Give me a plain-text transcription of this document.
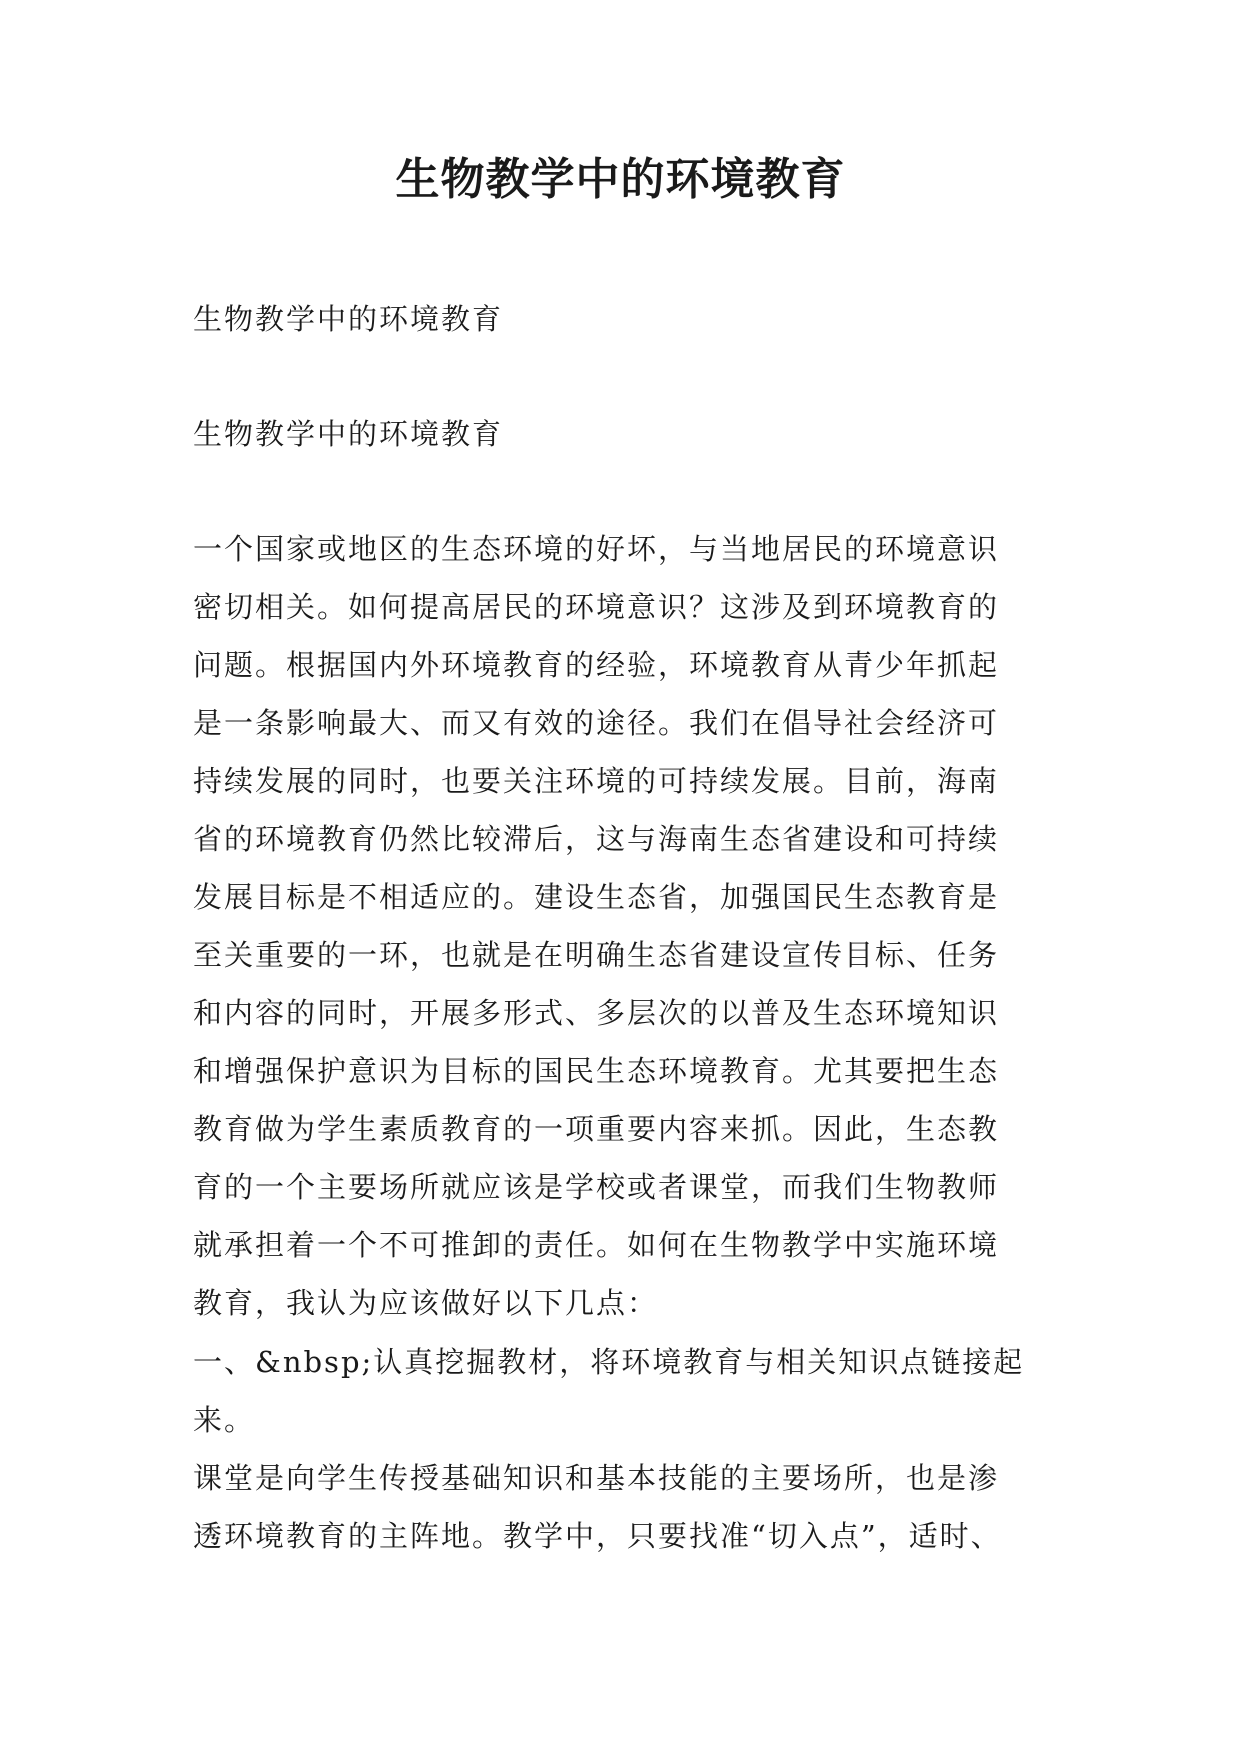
生物教学中的环境教育

生物教学中的环境教育

生物教学中的环境教育

一个国家或地区的生态环境的好坏，与当地居民的环境意识
密切相关。如何提高居民的环境意识？这涉及到环境教育的
问题。根据国内外环境教育的经验，环境教育从青少年抓起
是一条影响最大、而又有效的途径。我们在倡导社会经济可
持续发展的同时，也要关注环境的可持续发展。目前，海南
省的环境教育仍然比较滞后，这与海南生态省建设和可持续
发展目标是不相适应的。建设生态省，加强国民生态教育是
至关重要的一环，也就是在明确生态省建设宣传目标、任务
和内容的同时，开展多形式、多层次的以普及生态环境知识
和增强保护意识为目标的国民生态环境教育。尤其要把生态
教育做为学生素质教育的一项重要内容来抓。因此，生态教
育的一个主要场所就应该是学校或者课堂，而我们生物教师
就承担着一个不可推卸的责任。如何在生物教学中实施环境
教育，我认为应该做好以下几点：

一、&nbsp;认真挖掘教材，将环境教育与相关知识点链接起
来。

课堂是向学生传授基础知识和基本技能的主要场所，也是渗
透环境教育的主阵地。教学中，只要找准“切入点”，适时、
